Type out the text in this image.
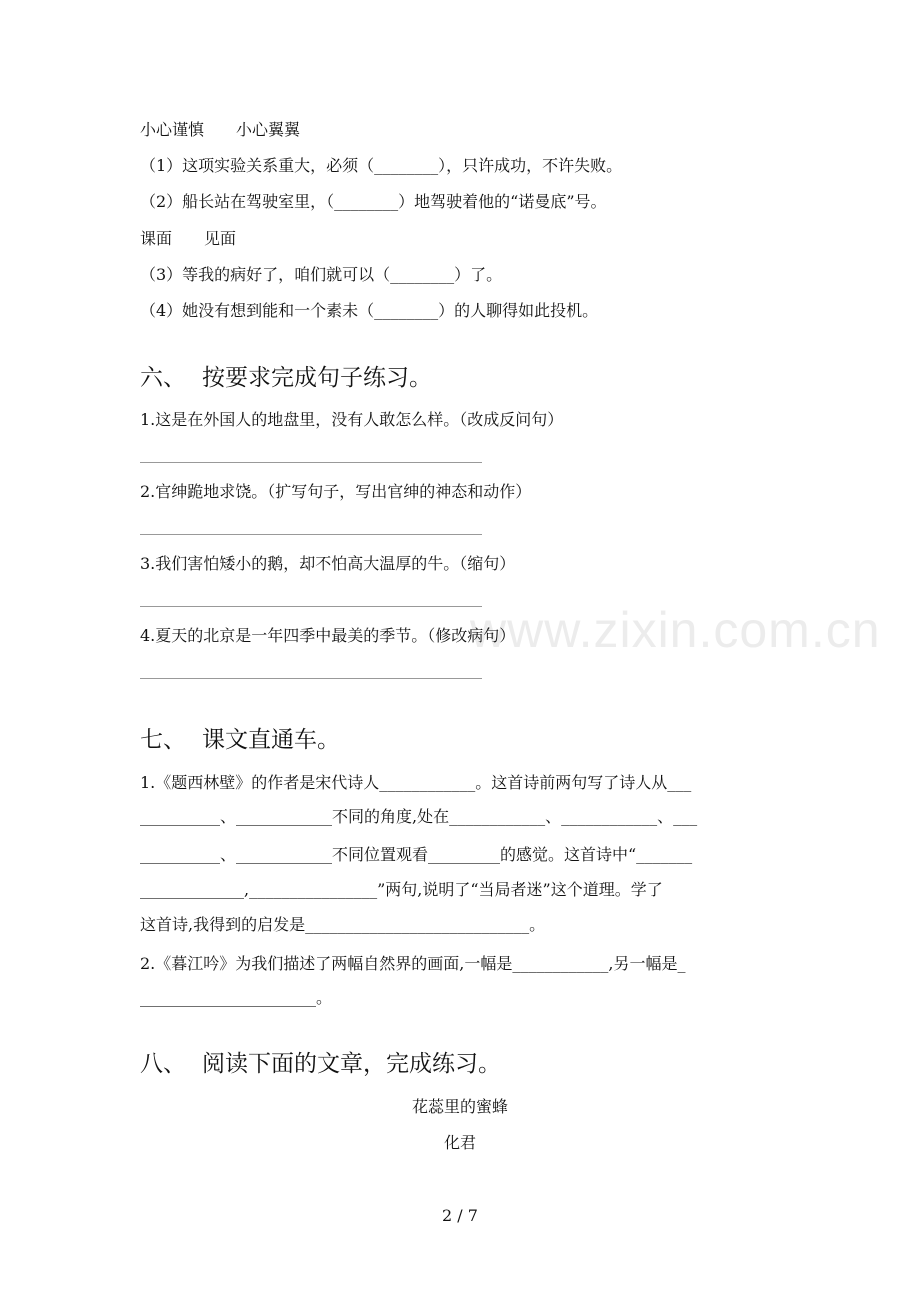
www.zixin.com.cn
小心谨慎　　小心翼翼
（1）这项实验关系重大，必须（________），只许成功，不许失败。
（2）船长站在驾驶室里，（________）地驾驶着他的“诺曼底”号。
课面　　见面
（3）等我的病好了，咱们就可以（________）了。
（4）她没有想到能和一个素未（________）的人聊得如此投机。
六、 按要求完成句子练习。
1.这是在外国人的地盘里，没有人敢怎么样。（改成反问句）
2.官绅跪地求饶。（扩写句子，写出官绅的神态和动作）
3.我们害怕矮小的鹅，却不怕高大温厚的牛。（缩句）
4.夏天的北京是一年四季中最美的季节。（修改病句）
七、 课文直通车。
1.《题西林壁》的作者是宋代诗人____________。这首诗前两句写了诗人从___
__________、____________不同的角度,处在____________、____________、___
__________、____________不同位置观看_________的感觉。这首诗中“_______
_____________,________________”两句,说明了“当局者迷”这个道理。学了
这首诗,我得到的启发是____________________________。
2.《暮江吟》为我们描述了两幅自然界的画面,一幅是____________,另一幅是_
______________________。
八、 阅读下面的文章，完成练习。
花蕊里的蜜蜂
化君
2 / 7
